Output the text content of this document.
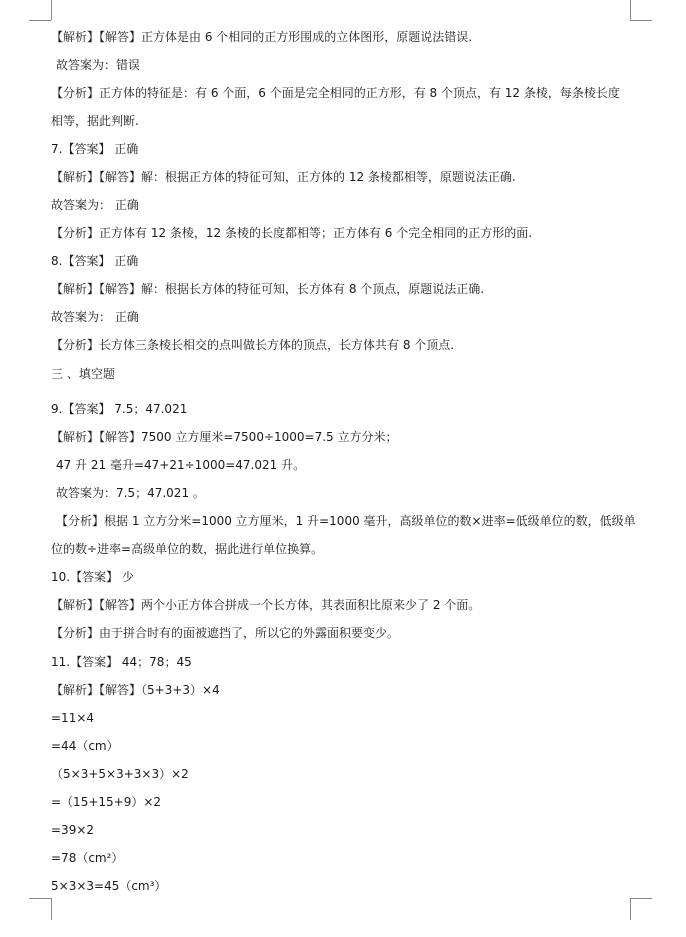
【解析】【解答】正方体是由 6 个相同的正方形围成的立体图形，原题说法错误.
故答案为：错误
【分析】正方体的特征是：有 6 个面，6 个面是完全相同的正方形，有 8 个顶点，有 12 条棱，每条棱长度
相等，据此判断.
7.【答案】 正确
【解析】【解答】解：根据正方体的特征可知，正方体的 12 条棱都相等，原题说法正确.
故答案为： 正确
【分析】正方体有 12 条棱，12 条棱的长度都相等；正方体有 6 个完全相同的正方形的面.
8.【答案】 正确
【解析】【解答】解：根据长方体的特征可知，长方体有 8 个顶点，原题说法正确.
故答案为： 正确
【分析】长方体三条棱长相交的点叫做长方体的顶点，长方体共有 8 个顶点.
三 、填空题
9.【答案】 7.5；47.021
【解析】【解答】7500 立方厘米=7500÷1000=7.5 立方分米；
47 升 21 毫升=47+21÷1000=47.021 升。
故答案为：7.5；47.021 。
【分析】根据 1 立方分米=1000 立方厘米，1 升=1000 毫升，高级单位的数×进率=低级单位的数，低级单
位的数÷进率=高级单位的数，据此进行单位换算。
10.【答案】 少
【解析】【解答】两个小正方体合拼成一个长方体，其表面积比原来少了 2 个面。
【分析】由于拼合时有的面被遮挡了，所以它的外露面积要变少。
11.【答案】 44；78；45
【解析】【解答】（5+3+3）×4
=11×4
=44（cm）
（5×3+5×3+3×3）×2
=（15+15+9）×2
=39×2
=78（cm²）
5×3×3=45（cm³）
